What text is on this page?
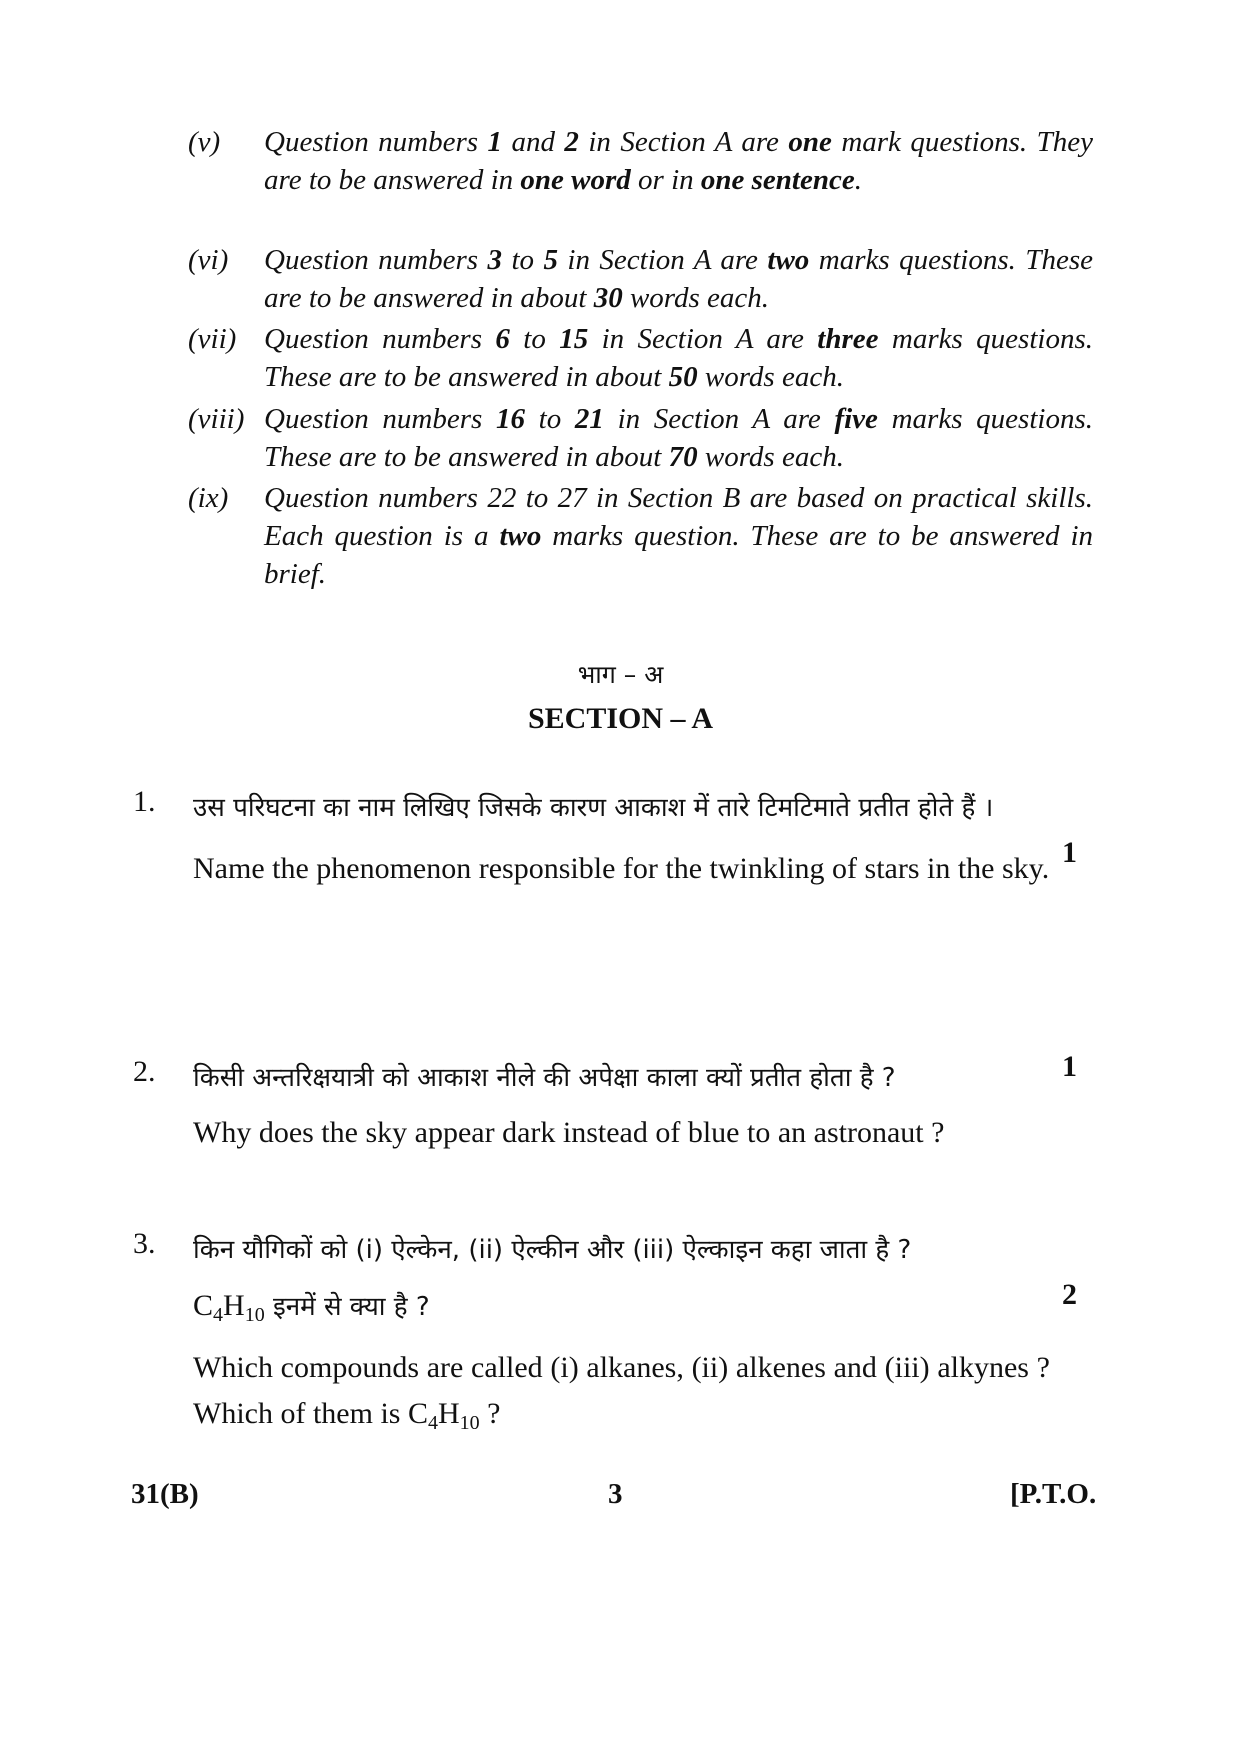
(v)	Question numbers 1 and 2 in Section A are one mark questions. They are to be answered in one word or in one sentence.
(vi)	Question numbers 3 to 5 in Section A are two marks questions. These are to be answered in about 30 words each.
(vii) Question numbers 6 to 15 in Section A are three marks questions. These are to be answered in about 50 words each.
(viii) Question numbers 16 to 21 in Section A are five marks questions. These are to be answered in about 70 words each.
(ix)	Question numbers 22 to 27 in Section B are based on practical skills. Each question is a two marks question. These are to be answered in brief.
भाग – अ
SECTION – A
1. उस परिघटना का नाम लिखिए जिसके कारण आकाश में तारे टिमटिमाते प्रतीत होते हैं ।
1
Name the phenomenon responsible for the twinkling of stars in the sky.
2. किसी अन्तरिक्षयात्री को आकाश नीले की अपेक्षा काला क्यों प्रतीत होता है ?	1
Why does the sky appear dark instead of blue to an astronaut ?
3. किन यौगिकों को (i) ऐल्केन, (ii) ऐल्कीन और (iii) ऐल्काइन कहा जाता है ?
$C_4H_{10}$ इनमें से क्या है ?	2
Which compounds are called (i) alkanes, (ii) alkenes and (iii) alkynes ? Which of them is $C_4H_{10}$ ?
31(B)	3	[P.T.O.
